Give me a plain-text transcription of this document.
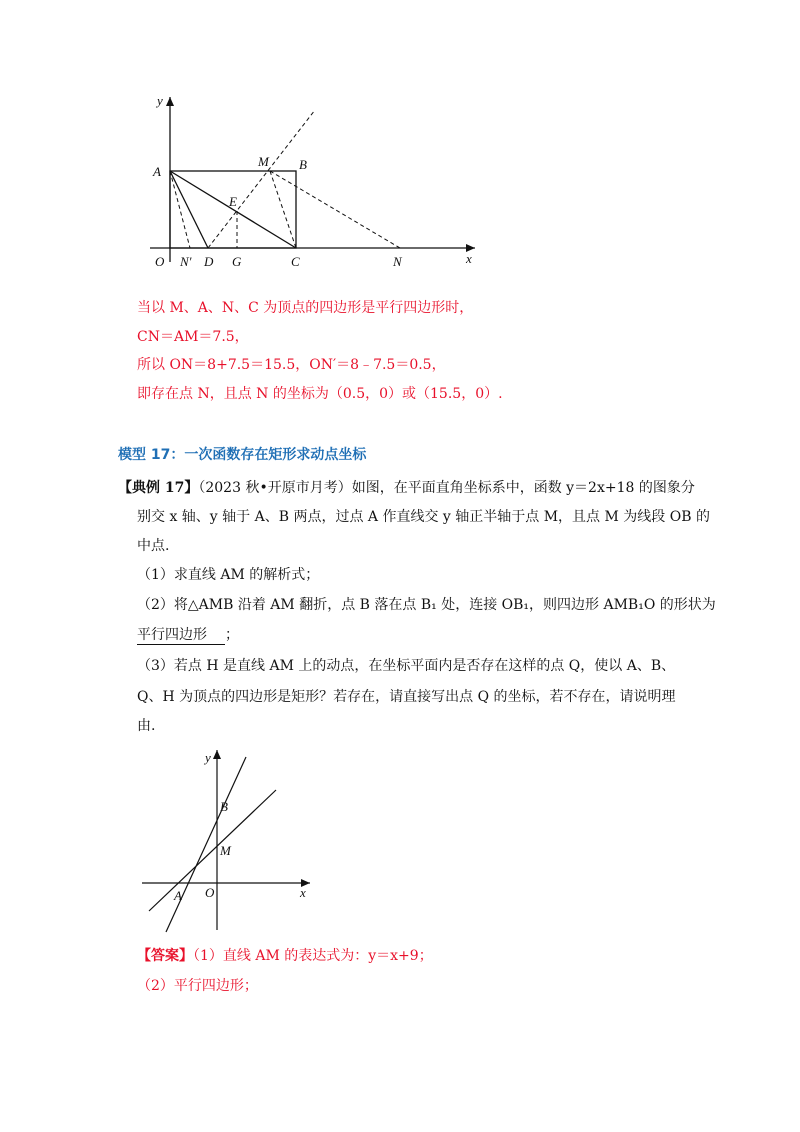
y
x
A
M B
E
O N′ D G	C	N
当以 M、A、N、C 为顶点的四边形是平行四边形时，
CN＝AM＝7.5，
所以 ON＝8+7.5＝15.5，ON′＝8﹣7.5＝0.5，
即存在点 N，且点 N 的坐标为（0.5，0）或（15.5，0）.
模型 17：一次函数存在矩形求动点坐标
【典例 17】（2023 秋•开原市月考）如图，在平面直角坐标系中，函数 y＝2x+18 的图象分
别交 x 轴、y 轴于 A、B 两点，过点 A 作直线交 y 轴正半轴于点 M，且点 M 为线段 OB 的
中点.
（1）求直线 AM 的解析式；
（2）将△AMB 沿着 AM 翻折，点 B 落在点 B₁ 处，连接 OB₁，则四边形 AMB₁O 的形状为
平行四边形 ；
（3）若点 H 是直线 AM 上的动点，在坐标平面内是否存在这样的点 Q，使以 A、B、
Q、H 为顶点的四边形是矩形？若存在，请直接写出点 Q 的坐标，若不存在，请说明理
由.
y
x
B
M
A O
【答案】（1）直线 AM 的表达式为：y＝x+9；
（2）平行四边形；
